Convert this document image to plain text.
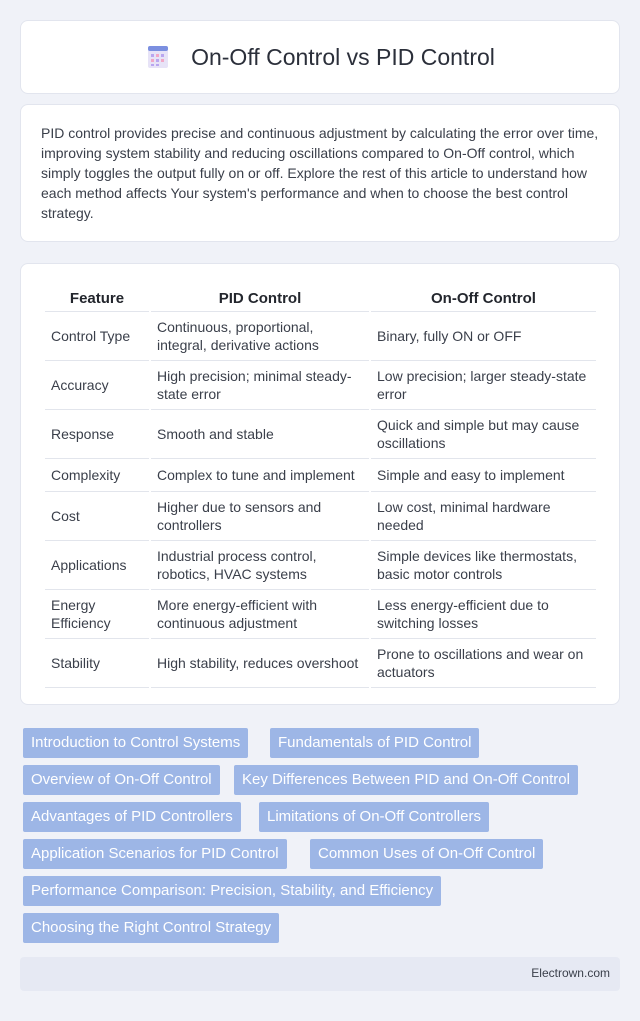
On-Off Control vs PID Control

PID control provides precise and continuous adjustment by calculating the error over time, improving system stability and reducing oscillations compared to On-Off control, which simply toggles the output fully on or off. Explore the rest of this article to understand how each method affects Your system's performance and when to choose the best control strategy.

Feature	PID Control	On-Off Control
Control Type	Continuous, proportional, integral, derivative actions	Binary, fully ON or OFF
Accuracy	High precision; minimal steady-state error	Low precision; larger steady-state error
Response	Smooth and stable	Quick and simple but may cause oscillations
Complexity	Complex to tune and implement	Simple and easy to implement
Cost	Higher due to sensors and controllers	Low cost, minimal hardware needed
Applications	Industrial process control, robotics, HVAC systems	Simple devices like thermostats, basic motor controls
Energy Efficiency	More energy-efficient with continuous adjustment	Less energy-efficient due to switching losses
Stability	High stability, reduces overshoot	Prone to oscillations and wear on actuators
Introduction to Control Systems	Fundamentals of PID Control
Overview of On-Off Control	Key Differences Between PID and On-Off Control
Advantages of PID Controllers	Limitations of On-Off Controllers
Application Scenarios for PID Control	Common Uses of On-Off Control
Performance Comparison: Precision, Stability, and Efficiency
Choosing the Right Control Strategy
Electrown.com
